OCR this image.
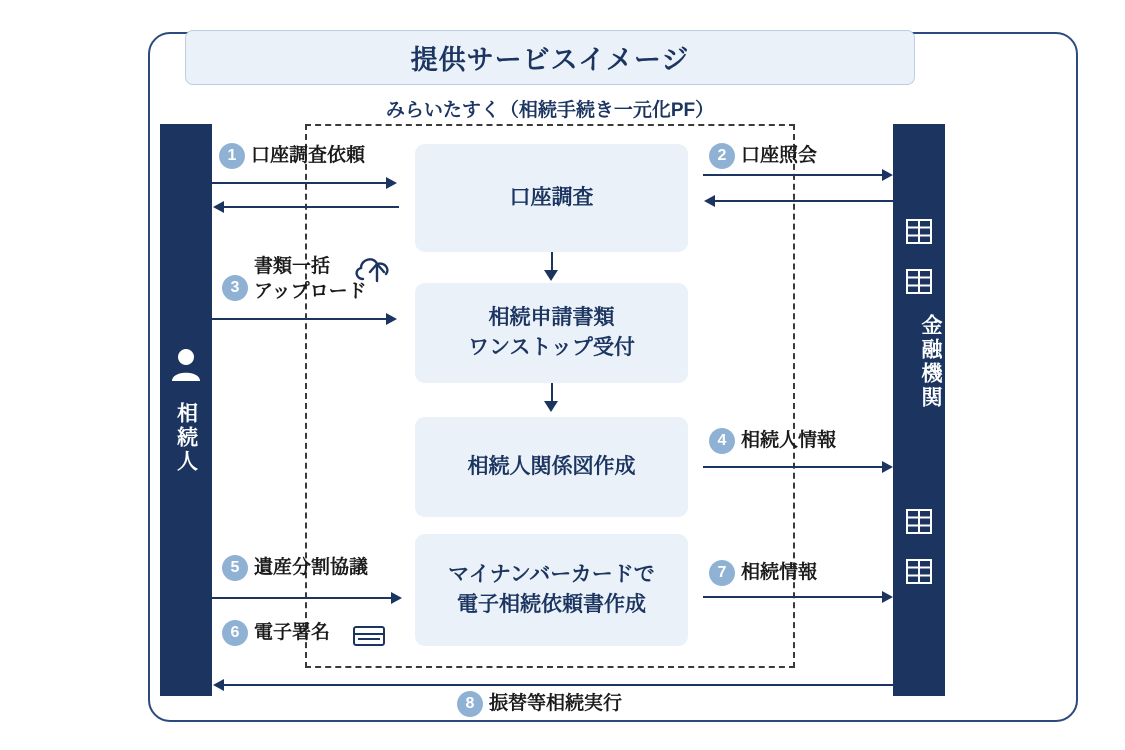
提供サービスイメージ
みらいたすく（相続手続き一元化PF）
相続人
金融機関
口座調査
相続申請書類
ワンストップ受付
相続人関係図作成
マイナンバーカードで
電子相続依頼書作成
1 口座調査依頼	2 口座照会
3
書類一括
アップロード
4 相続人情報
5 遺産分割協議
6 電子署名
7 相続情報
8 振替等相続実行
